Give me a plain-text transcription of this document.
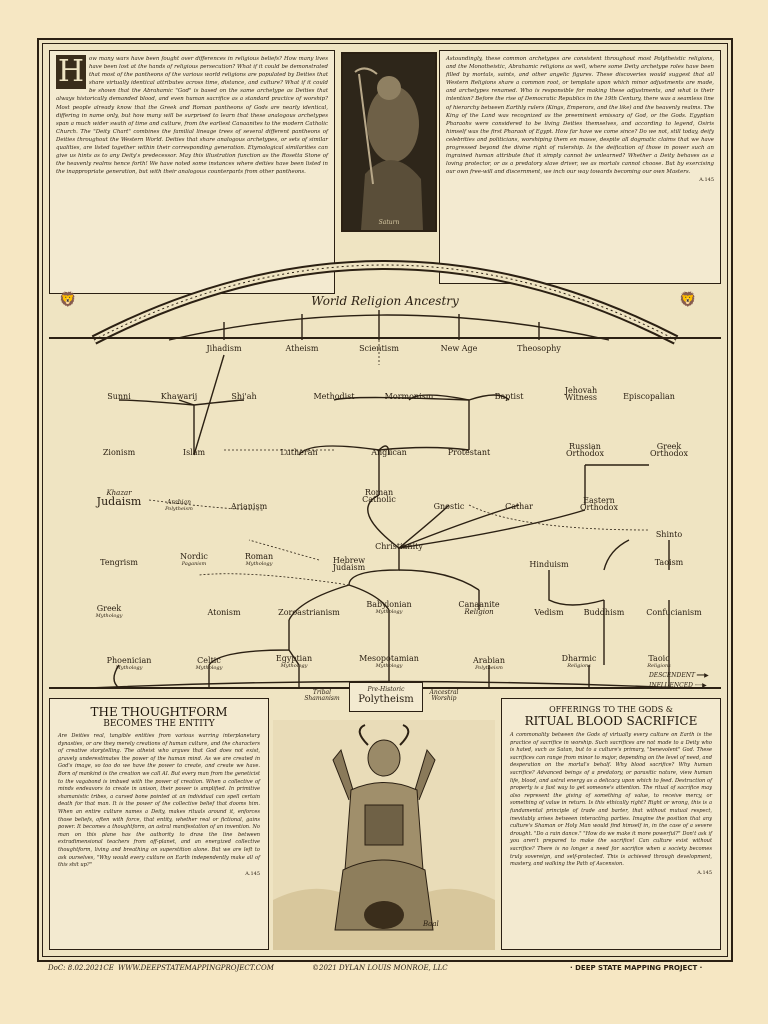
H ow many wars have been fought over differences in religious beliefs? How many lives have been lost at the hands of religious persecution? What if it could be demonstrated that most of the pantheons of the various world religions are populated by Deities that share virtually identical attributes across time, distance, and culture? What if it could be shown that the Abrahamic "God" is based on the same archetype as Deities that always historically demanded blood, and even human sacrifice as a standard practice of worship? Most people already know that the Greek and Roman pantheons of Gods are nearly identical, differing in name only, but how many will be surprised to learn that these analogous archetypes span a much wider swath of time and culture, from the earliest Canaanites to the modern Catholic Church. The "Deity Chart" combines the familial lineage trees of several different pantheons of Deities throughout the Western World. Deities that share analogous archetypes, or sets of similar qualities, are listed together within their corresponding generation. Etymological similarities can give us hints as to any Deity's predecessor. May this illustration function as the Rosetta Stone of the heavenly realms hence forth! We have noted some instances where deities have been listed in the inappropriate generation, but with their analogous counterparts from other pantheons.
Saturn
Astoundingly, these common archetypes are consistent throughout most Polytheistic religions, and the Monotheistic, Abrahamic religions as well, where some Deity archetype roles have been filled by mortals, saints, and other angelic figures. These discoveries would suggest that all Western Religions share a common root, or template upon which minor adjustments are made, and archetypes renamed. Who is responsible for making these adjustments, and what is their intention? Before the rise of Democratic Republics in the 19th Century, there was a seamless line of hierarchy between Earthly rulers (Kings, Emperors, and the like) and the heavenly realms. The King of the Land was recognized as the preeminent emissary of God, or the Gods. Egyptian Pharaohs were considered to be living Deities themselves, and according to legend, Osiris himself was the first Pharaoh of Egypt. How far have we come since? Do we not, still today, deify celebrities and politicians, worshiping them en masse, despite all dogmatic claims that we have progressed beyond the divine right of rulership. Is the deification of those in power such an ingrained human attribute that it simply cannot be unlearned? Whether a Deity behaves as a loving protector, or as a predatory slave driver, we as mortals cannot choose. But by exercising our own free-will and discernment, we inch our way towards becoming our own Masters.
A.145
🦁	🦁
World Religion Ancestry
Jihadism	Atheism	Scientism	New Age	Theosophy
Sunni	Khawarij	Shi'ah	Methodist	Mormonism	Baptist
Jehovah
Witness	Episcopalian
Zionism	Islam	Lutheran	Anglican	Protestant
Russian
Orthodox
Greek
Orthodox
Khazar
Judaism	Arabian
Polytheism	Arianism
Roman
Catholic
Gnostic	Cathar
Eastern
Orthodox
Christianity
Shinto
Tengrism
Nordic
Paganism
Roman
Mythology	Hebrew
Judaism	Hinduism	Taoism
Greek
Mythology	Atonism	Zoroastrianism
Babylonian
Mythology
Canaanite
Religion	Vedism	Buddhism	Confucianism
Phoenician
Mythology
Celtic
Mythology
Egyptian
Mythology
Mesopotamian
Mythology
Arabian
Polytheism
Dharmic
Religions
Taoic
Religions
DESCENDENT ━━▶
INFLUENCED ┄┄▶
Tribal
Shamanism
Pre-Historic
Polytheism
Ancestral
Worship
THE THOUGHTFORM
BECOMES THE ENTITY
Are Deities real, tangible entities from various warring interplanetary dynasties, or are they merely creations of human culture, and the characters of creative storytelling. The atheist who argues that God does not exist, gravely underestimates the power of the human mind. As we are created in God's image, so too do we have the power to create, and create we have. Born of mankind is the creation we call AI. But every man from the geneticist to the vagabond is imbued with the power of creation. When a collective of minds endeavors to create in unison, their power is amplified. In primitive shamanistic tribes, a cursed bone pointed at an individual can spell certain death for that man. It is the power of the collective belief that dooms him. When an entire culture names a Deity, makes rituals around it, enforces those beliefs, often with force, that entity, whether real or fictional, gains power. It becomes a thoughtform, an astral manifestation of an invention. No man on this plane has the authority to draw the line between extradimensional teachers from off-planet, and an energized collective thoughtform, living and breathing on superstition alone. But we are left to ask ourselves, "Why would every culture on Earth independently make all of this shit up?"
A.145
Baal
OFFERINGS TO THE GODS &
RITUAL BLOOD SACRIFICE
A commonality between the Gods of virtually every culture on Earth is the practice of sacrifice in worship. Such sacrifices are not made to a Deity who is hated, such as Satan, but to a culture's primary, "benevolent" God. These sacrifices can range from minor to major, depending on the level of need, and desperation on the mortal's behalf. Why blood sacrifice? Why human sacrifice? Advanced beings of a predatory, or parasitic nature, view human life, blood, and astral energy as a delicacy upon which to feed. Destruction of property is a fast way to get someone's attention. The ritual of sacrifice may also represent the giving of something of value, to receive mercy, or something of value in return. Is this ethically right? Right or wrong, this is a fundamental principle of trade and barter, that without mutual respect, inevitably arises between interacting parties. Imagine the position that any culture's Shaman or Holy Man would find himself in, in the case of a severe drought. "Do a rain dance." "How do we make it more powerful?" Don't ask if you aren't prepared to make the sacrifice! Can culture exist without sacrifice? There is no longer a need for sacrifice when a society becomes truly sovereign, and self-protected. This is achieved through development, mastery, and walking the Path of Ascension.
A.145
DoC: 8.02.2021CE WWW.DEEPSTATEMAPPINGPROJECT.COM	©2021 DYLAN LOUIS MONROE, LLC	· DEEP STATE MAPPING PROJECT ·
